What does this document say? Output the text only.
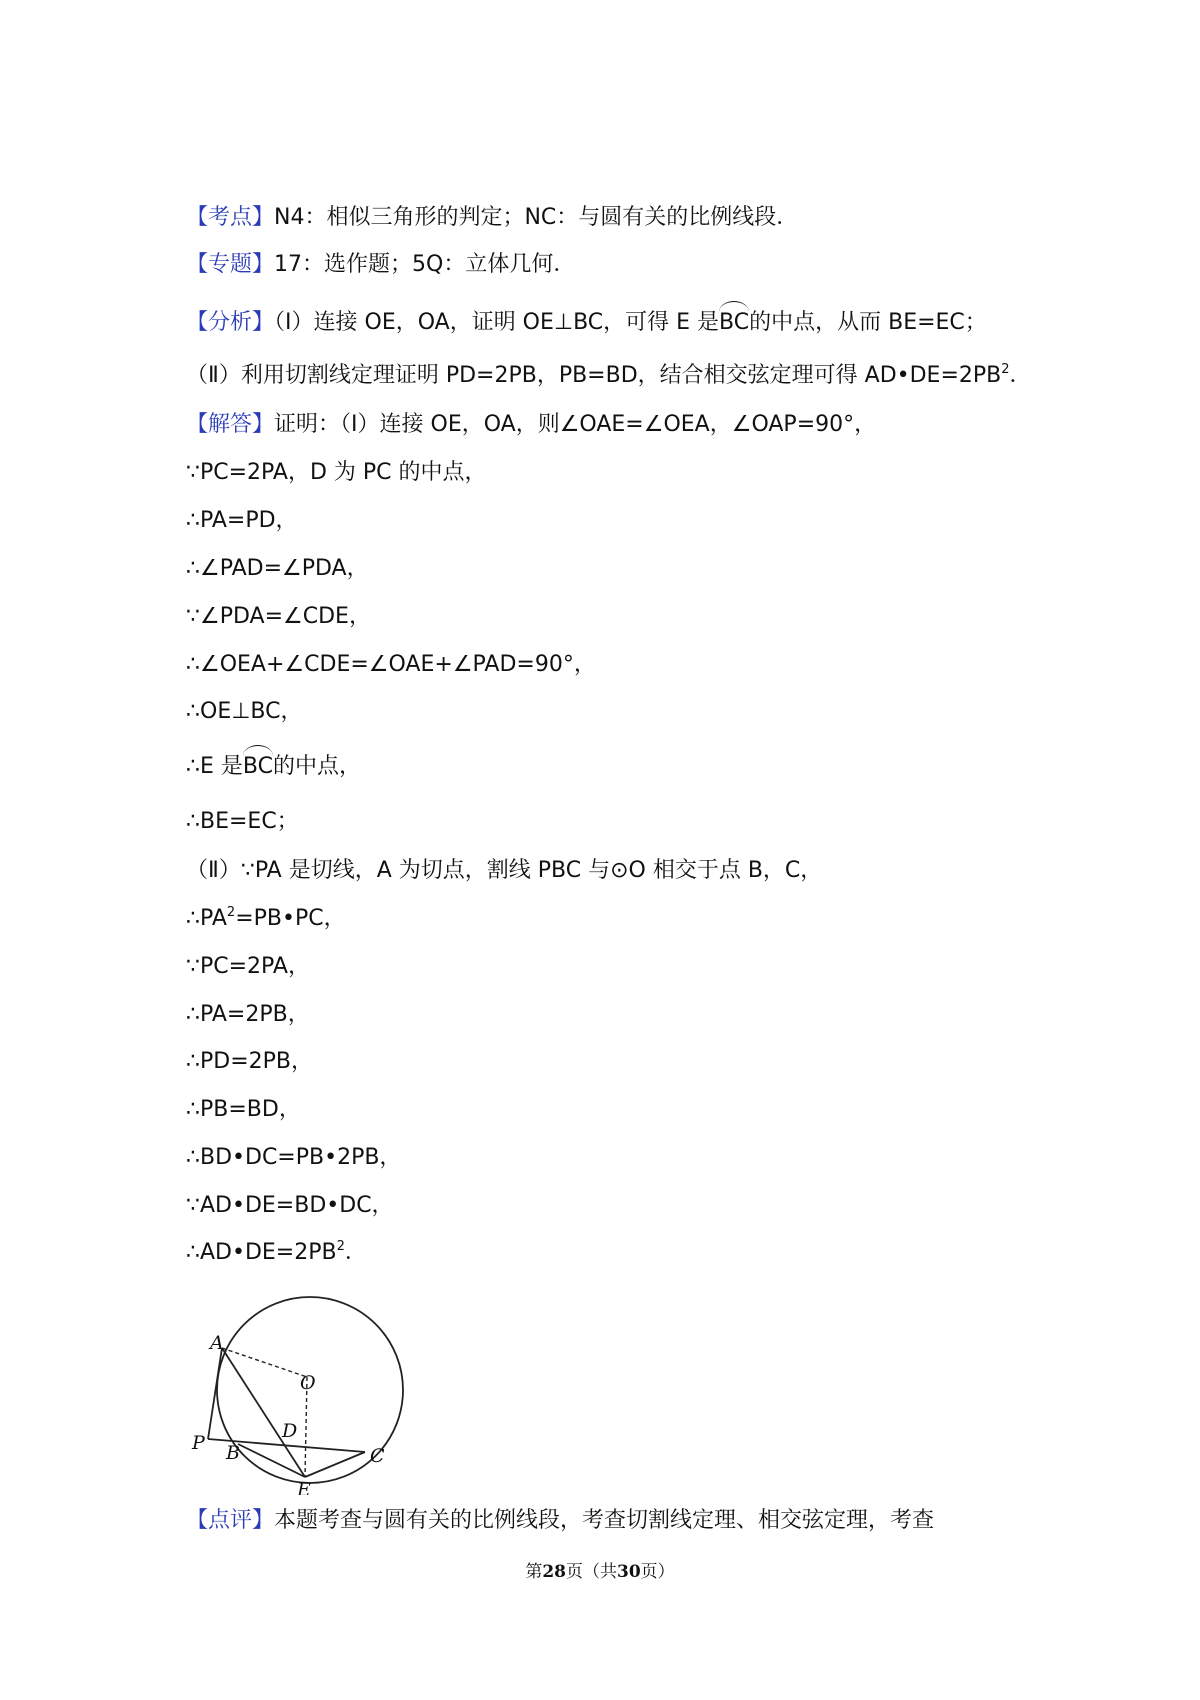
【考点】N4：相似三角形的判定；NC：与圆有关的比例线段．
【专题】17：选作题；5Q：立体几何．
【分析】（Ⅰ）连接 OE，OA，证明 OE⊥BC，可得 E 是BC的中点，从而 BE=EC；
（Ⅱ）利用切割线定理证明 PD=2PB，PB=BD，结合相交弦定理可得 $AD•DE=2PB^2$．
【解答】证明：（Ⅰ）连接 OE，OA，则∠OAE=∠OEA，∠OAP=90°，
∵PC=2PA，D 为 PC 的中点，
∴PA=PD，
∴∠PAD=∠PDA，
∵∠PDA=∠CDE，
∴∠OEA+∠CDE=∠OAE+∠PAD=90°，
∴OE⊥BC，
∴E 是BC的中点，
∴BE=EC；
（Ⅱ）∵PA 是切线，A 为切点，割线 PBC 与⊙O 相交于点 B，C，
$\therefore PA^2=PB•PC$，
∵PC=2PA，
∴PA=2PB，
∴PD=2PB，
∴PB=BD，
∴BD•DC=PB•2PB，
∵AD•DE=BD•DC，
$\therefore AD•DE=2PB^2$．
A
O
D
P B
E
C
【点评】本题考查与圆有关的比例线段，考查切割线定理、相交弦定理，考查
第28页（共30页）
